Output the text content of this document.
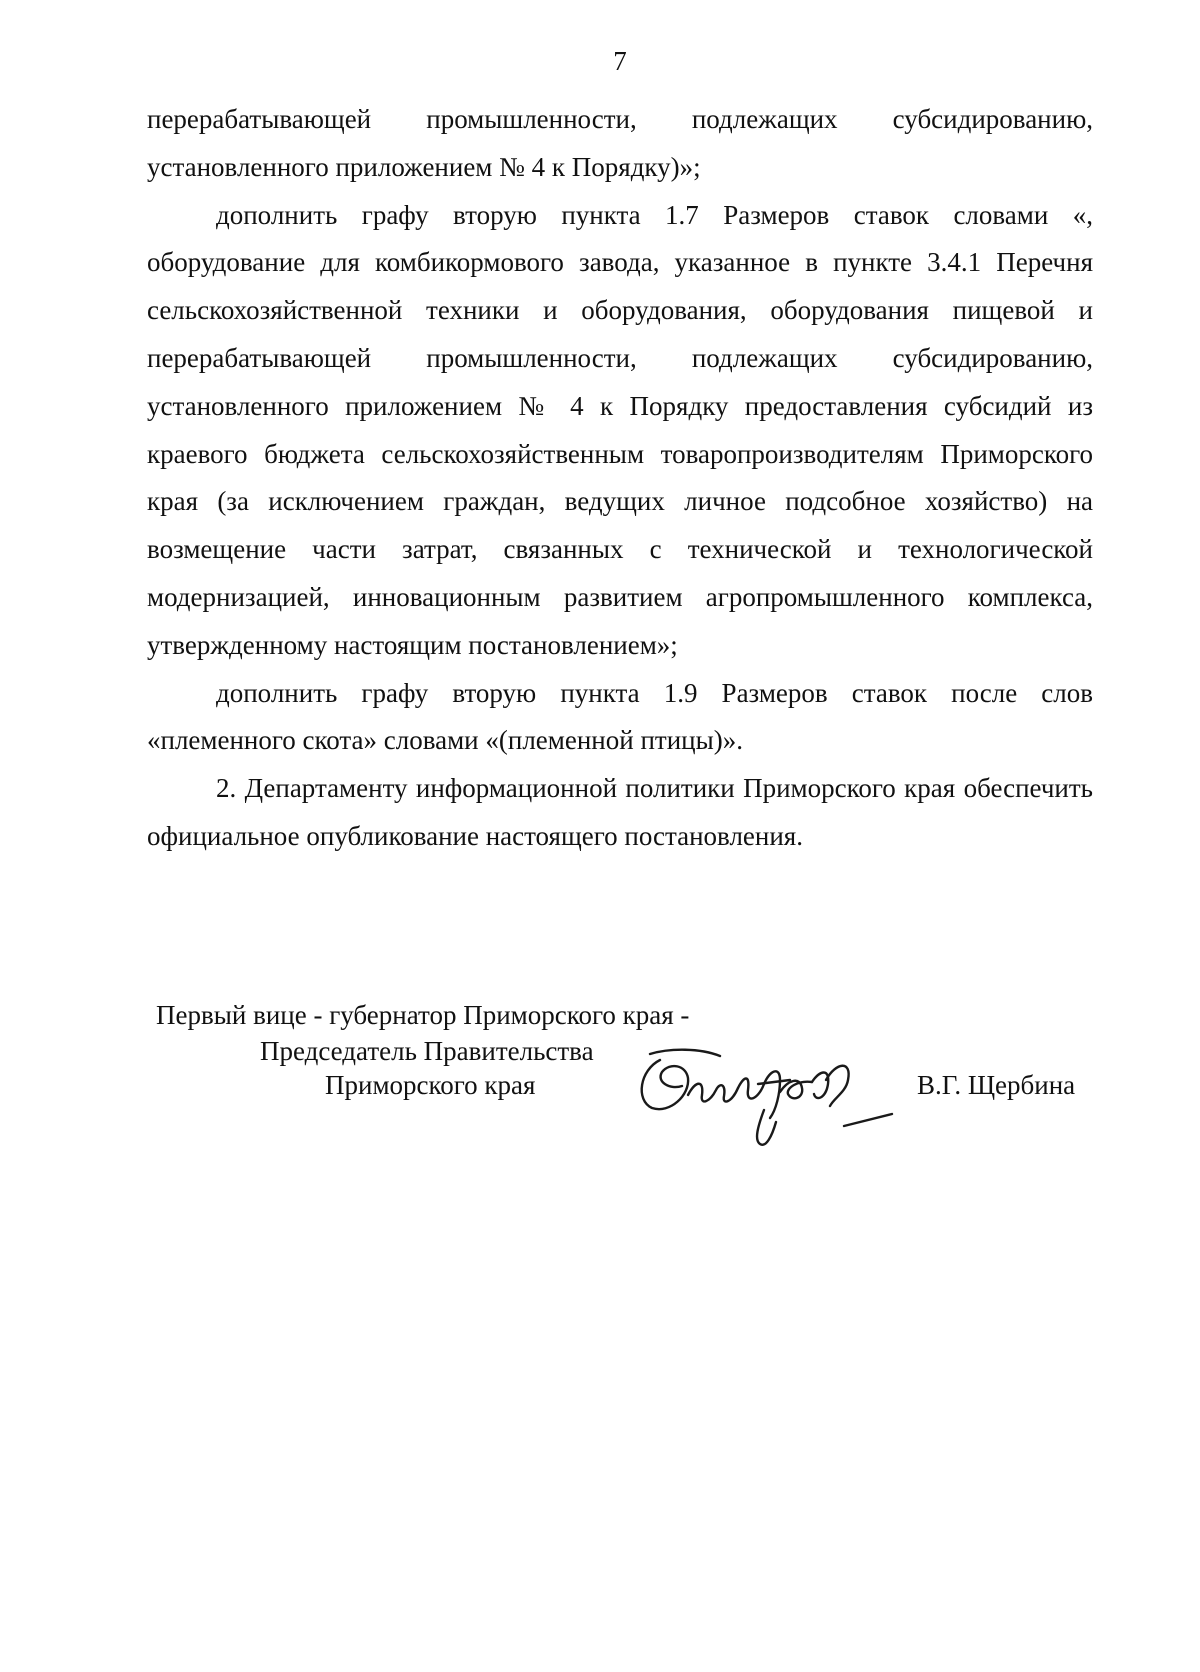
7

перерабатывающей промышленности, подлежащих субсидированию, установленного приложением № 4 к Порядку)»;

дополнить графу вторую пункта 1.7 Размеров ставок словами «, оборудование для комбикормового завода, указанное в пункте 3.4.1 Перечня сельскохозяйственной техники и оборудования, оборудования пищевой и перерабатывающей промышленности, подлежащих субсидированию, установленного приложением № 4 к Порядку предоставления субсидий из краевого бюджета сельскохозяйственным товаропроизводителям Приморского края (за исключением граждан, ведущих личное подсобное хозяйство) на возмещение части затрат, связанных с технической и технологической модернизацией, инновационным развитием агропромышленного комплекса, утвержденному настоящим постановлением»;

дополнить графу вторую пункта 1.9 Размеров ставок после слов «племенного скота» словами «(племенной птицы)».

2. Департаменту информационной политики Приморского края обеспечить официальное опубликование настоящего постановления.

Первый вице - губернатор Приморского края -
Председатель Правительства
Приморского края	В.Г. Щербина
